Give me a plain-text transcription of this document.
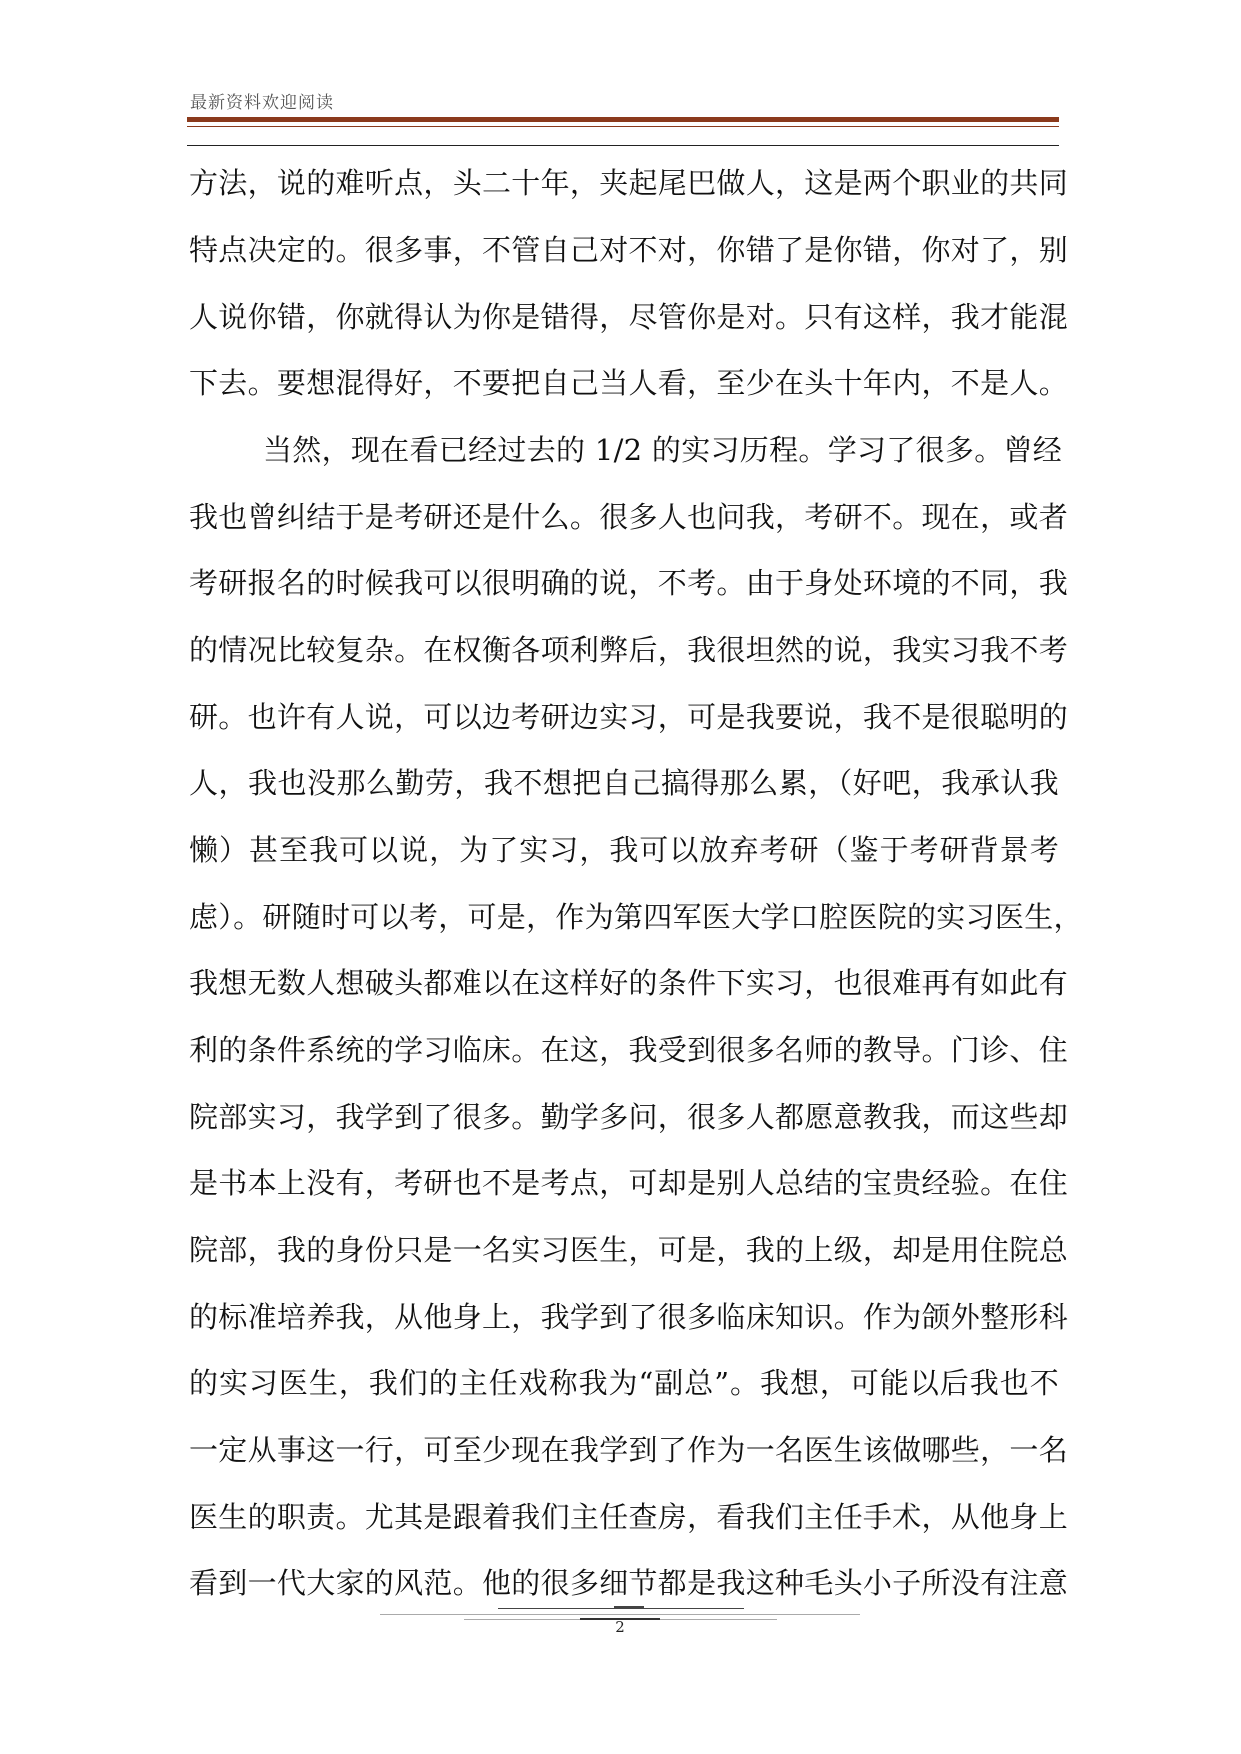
最新资料欢迎阅读
方法，说的难听点，头二十年，夹起尾巴做人，这是两个职业的共同
特点决定的。很多事，不管自己对不对，你错了是你错，你对了，别
人说你错，你就得认为你是错得，尽管你是对。只有这样，我才能混
下去。要想混得好，不要把自己当人看，至少在头十年内，不是人。
当然，现在看已经过去的 1/2 的实习历程。学习了很多。曾经
我也曾纠结于是考研还是什么。很多人也问我，考研不。现在，或者
考研报名的时候我可以很明确的说，不考。由于身处环境的不同，我
的情况比较复杂。在权衡各项利弊后，我很坦然的说，我实习我不考
研。也许有人说，可以边考研边实习，可是我要说，我不是很聪明的
人，我也没那么勤劳，我不想把自己搞得那么累，（好吧，我承认我
懒）甚至我可以说，为了实习，我可以放弃考研（鉴于考研背景考
虑）。研随时可以考，可是，作为第四军医大学口腔医院的实习医生，
我想无数人想破头都难以在这样好的条件下实习，也很难再有如此有
利的条件系统的学习临床。在这，我受到很多名师的教导。门诊、住
院部实习，我学到了很多。勤学多问，很多人都愿意教我，而这些却
是书本上没有，考研也不是考点，可却是别人总结的宝贵经验。在住
院部，我的身份只是一名实习医生，可是，我的上级，却是用住院总
的标准培养我，从他身上，我学到了很多临床知识。作为颌外整形科
的实习医生，我们的主任戏称我为“副总”。我想，可能以后我也不
一定从事这一行，可至少现在我学到了作为一名医生该做哪些，一名
医生的职责。尤其是跟着我们主任查房，看我们主任手术，从他身上
看到一代大家的风范。他的很多细节都是我这种毛头小子所没有注意
2
